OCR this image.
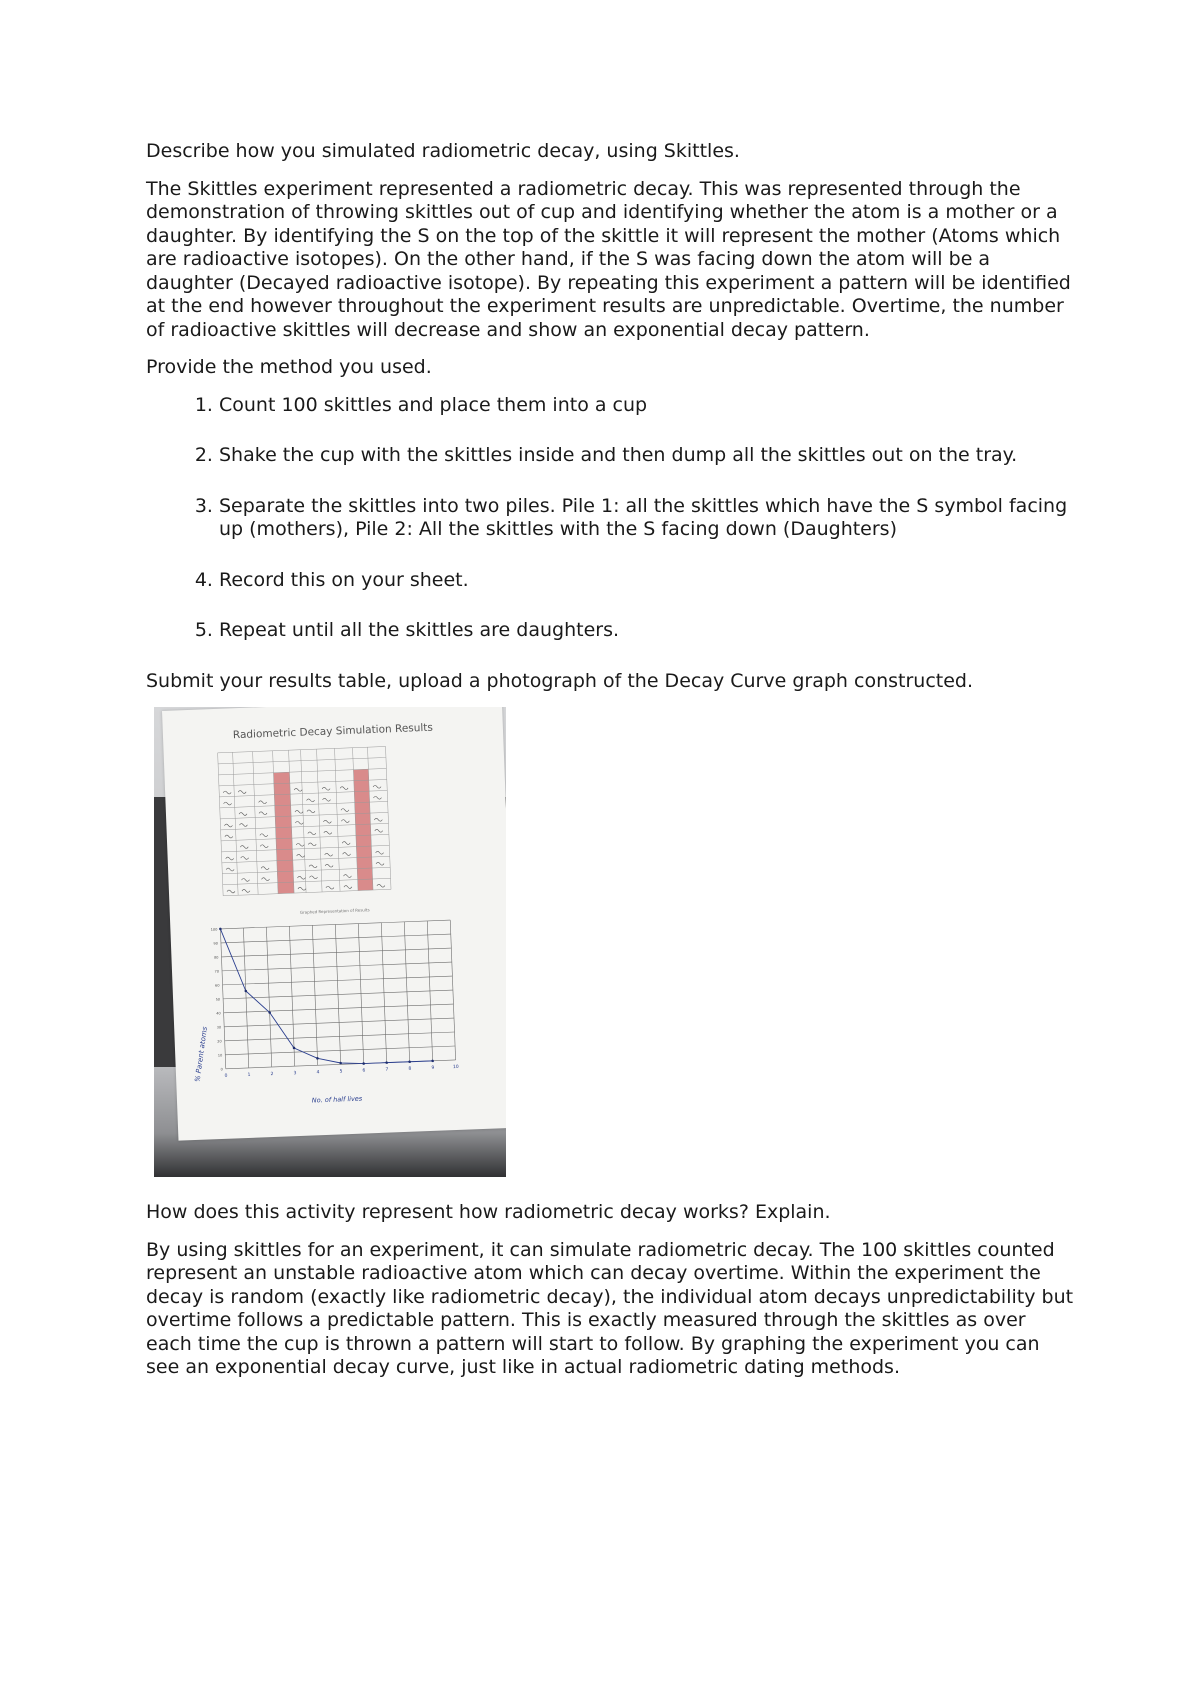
Describe how you simulated radiometric decay, using Skittles.

The Skittles experiment represented a radiometric decay. This was represented through the demonstration of throwing skittles out of cup and identifying whether the atom is a mother or a daughter. By identifying the S on the top of the skittle it will represent the mother (Atoms which are radioactive isotopes). On the other hand, if the S was facing down the atom will be a daughter (Decayed radioactive isotope). By repeating this experiment a pattern will be identified at the end however throughout the experiment results are unpredictable. Overtime, the number of radioactive skittles will decrease and show an exponential decay pattern.

Provide the method you used.

1. Count 100 skittles and place them into a cup
2. Shake the cup with the skittles inside and then dump all the skittles out on the tray.
3. Separate the skittles into two piles. Pile 1: all the skittles which have the S symbol facing up (mothers), Pile 2: All the skittles with the S facing down (Daughters)
4. Record this on your sheet.
5. Repeat until all the skittles are daughters.

Submit your results table, upload a photograph of the Decay Curve graph constructed.

Radiometric Decay Simulation Results
Graphed Representation of Results
100
90
80
70
60
50
40
30
20
10
0
0	1	2	3	4	5	6	7	8	9	10
% Parent atoms
No. of half lives

How does this activity represent how radiometric decay works? Explain.

By using skittles for an experiment, it can simulate radiometric decay. The 100 skittles counted represent an unstable radioactive atom which can decay overtime. Within the experiment the decay is random (exactly like radiometric decay), the individual atom decays unpredictability but overtime follows a predictable pattern. This is exactly measured through the skittles as over each time the cup is thrown a pattern will start to follow. By graphing the experiment you can see an exponential decay curve, just like in actual radiometric dating methods.
